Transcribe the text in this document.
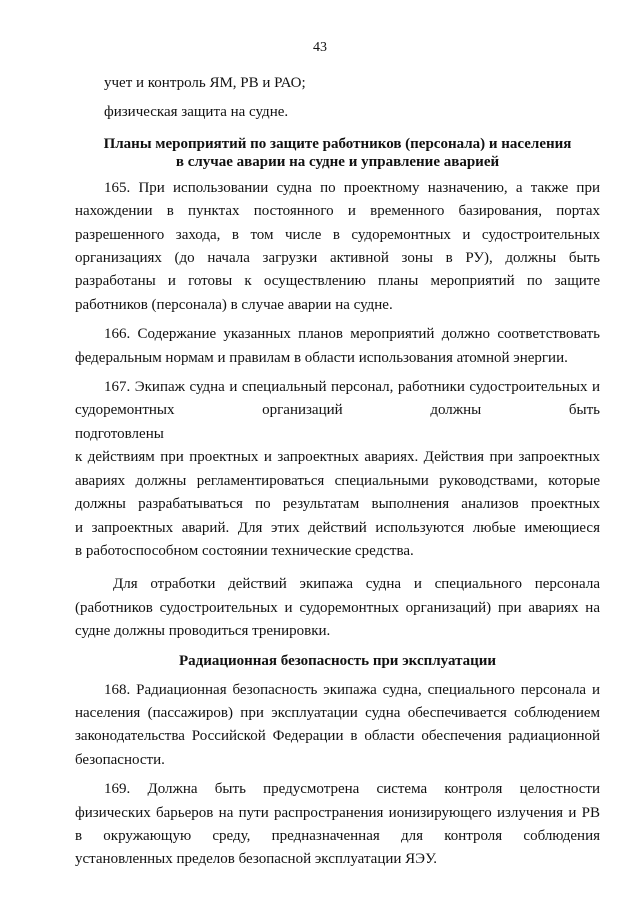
43

учет и контроль ЯМ, РВ и РАО;

физическая защита на судне.

Планы мероприятий по защите работников (персонала) и населения

в случае аварии на судне и управление аварией

165. При использовании судна по проектному назначению, а также при
нахождении в пунктах постоянного и временного базирования, портах
разрешенного захода, в том числе в судоремонтных и судостроительных
организациях (до начала загрузки активной зоны в РУ), должны быть
разработаны и готовы к осуществлению планы мероприятий по защите
работников (персонала) в случае аварии на судне.
166. Содержание указанных планов мероприятий должно соответствовать
федеральным нормам и правилам в области использования атомной энергии.
167. Экипаж судна и специальный персонал, работники судостроительных и
судоремонтных организаций должны быть подготовлены
к действиям при проектных и запроектных авариях. Действия при запроектных
авариях должны регламентироваться специальными руководствами, которые
должны разрабатываться по результатам выполнения анализов проектных
и запроектных аварий. Для этих действий используются любые имеющиеся
в работоспособном состоянии технические средства.
Для отработки действий экипажа судна и специального персонала
(работников судостроительных и судоремонтных организаций) при авариях на
судне должны проводиться тренировки.

Радиационная безопасность при эксплуатации

168. Радиационная безопасность экипажа судна, специального персонала и
населения (пассажиров) при эксплуатации судна обеспечивается соблюдением
законодательства Российской Федерации в области обеспечения радиационной
безопасности.
169. Должна быть предусмотрена система контроля целостности
физических барьеров на пути распространения ионизирующего излучения и РВ
в окружающую среду, предназначенная для контроля соблюдения
установленных пределов безопасной эксплуатации ЯЭУ.
